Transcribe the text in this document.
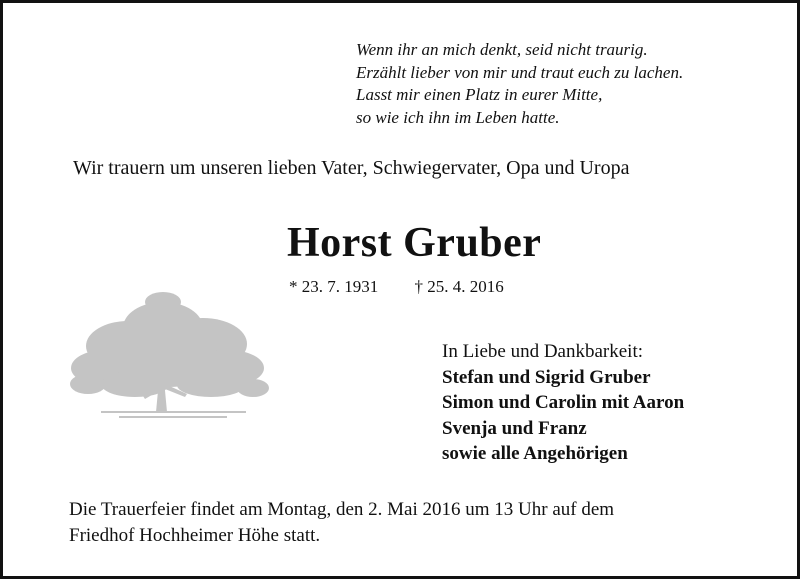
Wenn ihr an mich denkt, seid nicht traurig.
Erzählt lieber von mir und traut euch zu lachen.
Lasst mir einen Platz in eurer Mitte,
so wie ich ihn im Leben hatte.
Wir trauern um unseren lieben Vater, Schwiegervater, Opa und Uropa
Horst Gruber
* 23. 7. 1931 † 25. 4. 2016
In Liebe und Dankbarkeit:
Stefan und Sigrid Gruber
Simon und Carolin mit Aaron
Svenja und Franz
sowie alle Angehörigen
Die Trauerfeier findet am Montag, den 2. Mai 2016 um 13 Uhr auf dem
Friedhof Hochheimer Höhe statt.
